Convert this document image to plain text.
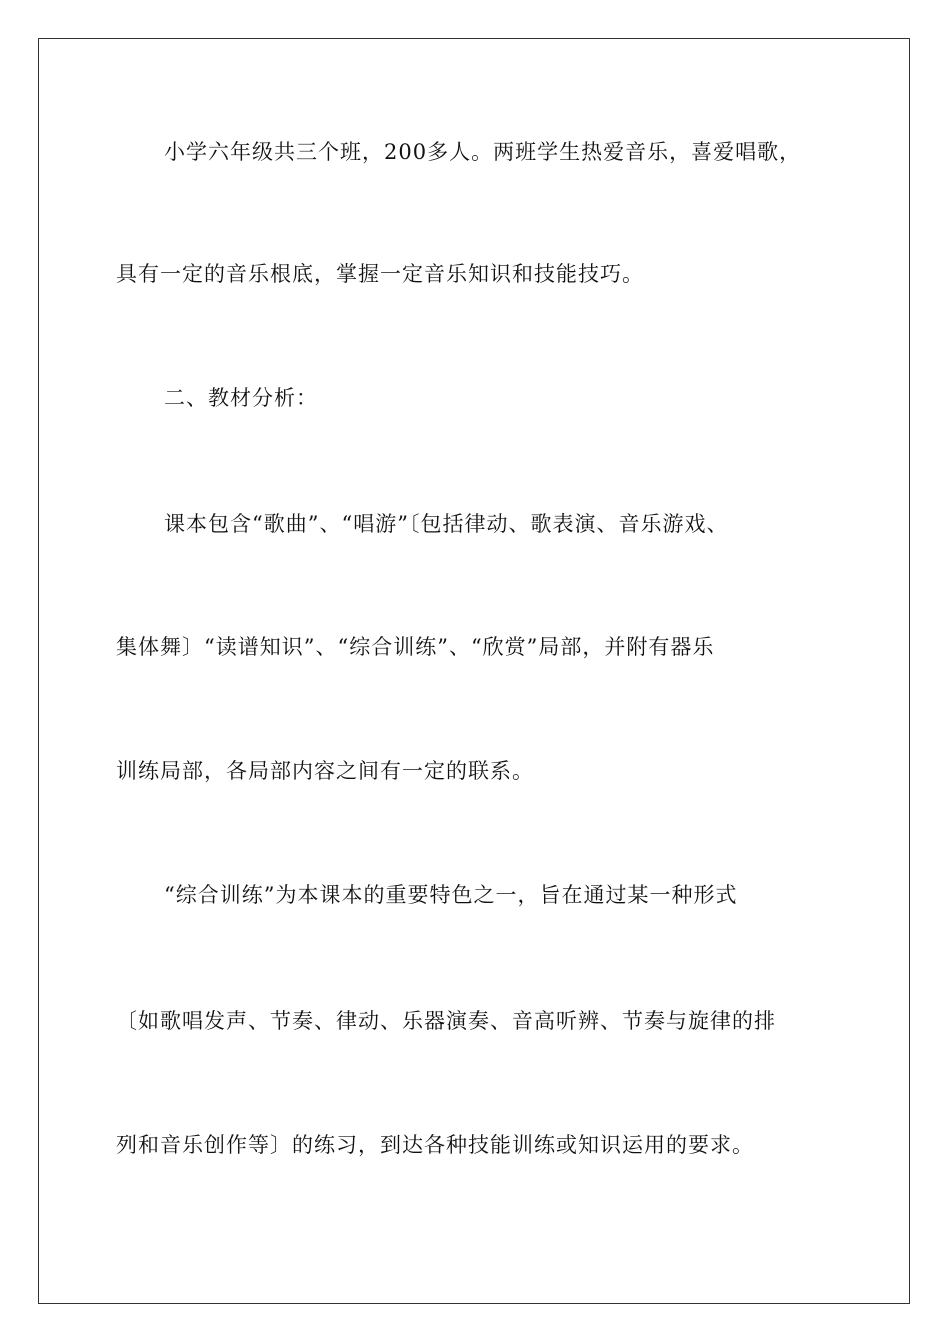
小学六年级共三个班，200多人。两班学生热爱音乐，喜爱唱歌，
具有一定的音乐根底，掌握一定音乐知识和技能技巧。
二、教材分析：
课本包含“歌曲”、“唱游”〔包括律动、歌表演、音乐游戏、
集体舞〕“读谱知识”、“综合训练”、“欣赏”局部，并附有器乐
训练局部，各局部内容之间有一定的联系。
“综合训练”为本课本的重要特色之一，旨在通过某一种形式
〔如歌唱发声、节奏、律动、乐器演奏、音高听辨、节奏与旋律的排
列和音乐创作等〕的练习，到达各种技能训练或知识运用的要求。
